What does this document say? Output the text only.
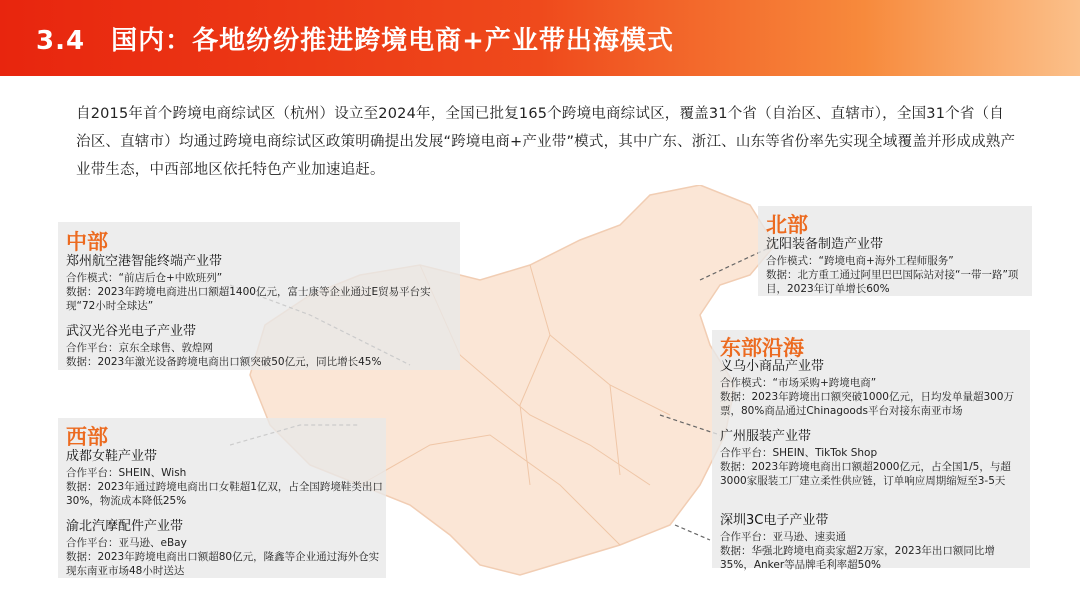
3.4 国内：各地纷纷推进跨境电商+产业带出海模式
自2015年首个跨境电商综试区（杭州）设立至2024年，全国已批复165个跨境电商综试区，覆盖31个省（自治区、直辖市），全国31个省（自治区、直辖市）均通过跨境电商综试区政策明确提出发展“跨境电商+产业带”模式，其中广东、浙江、山东等省份率先实现全域覆盖并形成成熟产业带生态，中西部地区依托特色产业加速追赶。
中部
郑州航空港智能终端产业带
合作模式：“前店后仓+中欧班列”
数据：2023年跨境电商进出口额超1400亿元，富士康等企业通过E贸易平台实现“72小时全球达”
武汉光谷光电子产业带
合作平台：京东全球售、敦煌网
数据：2023年激光设备跨境电商出口额突破50亿元，同比增长45%
西部
成都女鞋产业带
合作平台：SHEIN、Wish
数据：2023年通过跨境电商出口女鞋超1亿双，占全国跨境鞋类出口30%，物流成本降低25%
渝北汽摩配件产业带
合作平台：亚马逊、eBay
数据：2023年跨境电商出口额超80亿元，隆鑫等企业通过海外仓实现东南亚市场48小时送达
北部
沈阳装备制造产业带
合作模式：“跨境电商+海外工程师服务”
数据：北方重工通过阿里巴巴国际站对接“一带一路”项目，2023年订单增长60%
东部沿海
义乌小商品产业带
合作模式：“市场采购+跨境电商”
数据：2023年跨境出口额突破1000亿元，日均发单量超300万票，80%商品通过Chinagoods平台对接东南亚市场
广州服装产业带
合作平台：SHEIN、TikTok Shop
数据：2023年跨境电商出口额超2000亿元，占全国1/5，与超3000家服装工厂建立柔性供应链，订单响应周期缩短至3-5天
深圳3C电子产业带
合作平台：亚马逊、速卖通
数据：华强北跨境电商卖家超2万家，2023年出口额同比增35%，Anker等品牌毛利率超50%
